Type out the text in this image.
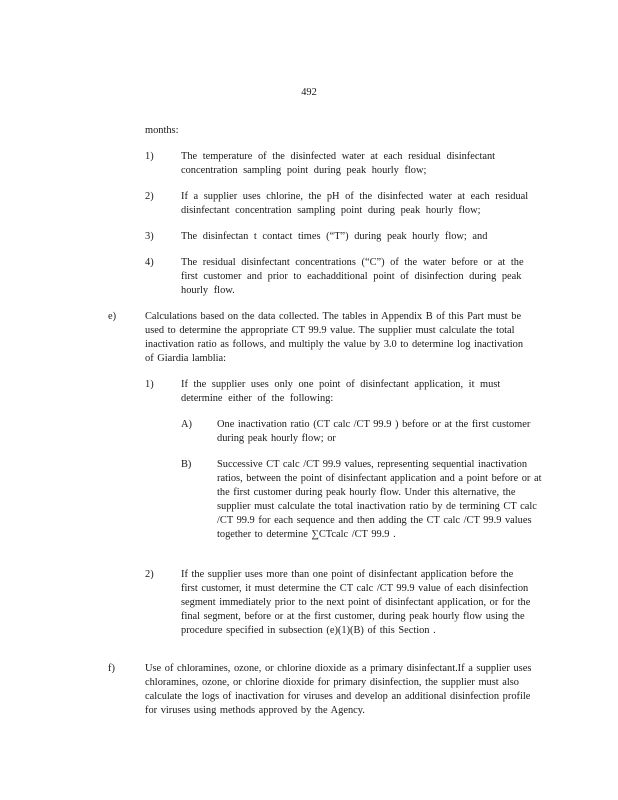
492
months:
1)	The temperature of the disinfected water at each residual disinfectant concentration sampling point during peak hourly flow;
2)	If a supplier uses chlorine, the pH of the disinfected water at each residual disinfectant concentration sampling point during peak hourly flow;
3)	The disinfectan t contact times (“T”) during peak hourly flow; and
4)	The residual disinfectant concentrations (“C”) of the water before or at the first customer and prior to eachadditional point of disinfection during peak hourly flow.
e)	Calculations based on the data collected. The tables in Appendix B of this Part must be used to determine the appropriate CT 99.9 value. The supplier must calculate the total inactivation ratio as follows, and multiply the value by 3.0 to determine log inactivation of Giardia lamblia:
1)	If the supplier uses only one point of disinfectant application, it must determine either of the following:
A) One inactivation ratio (CT calc /CT 99.9 ) before or at the first customer during peak hourly flow; or
B) Successive CT calc /CT 99.9 values, representing sequential inactivation ratios, between the point of disinfectant application and a point before or at the first customer during peak hourly flow. Under this alternative, the supplier must calculate the total inactivation ratio by de termining CT calc /CT 99.9 for each sequence and then adding the CT calc /CT 99.9 values together to determine ∑CTcalc /CT 99.9 .
2)	If the supplier uses more than one point of disinfectant application before the first customer, it must determine the CT calc /CT 99.9 value of each disinfection segment immediately prior to the next point of disinfectant application, or for the final segment, before or at the first customer, during peak hourly flow using the procedure specified in subsection (e)(1)(B) of this Section .
f)	Use of chloramines, ozone, or chlorine dioxide as a primary disinfectant.If a supplier uses chloramines, ozone, or chlorine dioxide for primary disinfection, the supplier must also calculate the logs of inactivation for viruses and develop an additional disinfection profile for viruses using methods approved by the Agency.
